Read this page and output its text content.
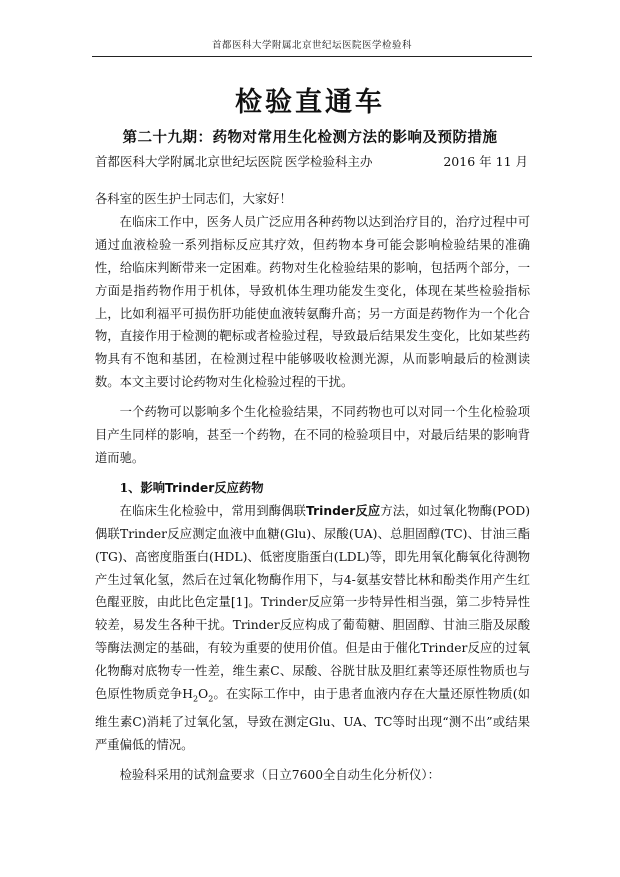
首都医科大学附属北京世纪坛医院医学检验科
检验直通车
第二十九期：药物对常用生化检测方法的影响及预防措施
首都医科大学附属北京世纪坛医院 医学检验科主办	2016 年 11 月

各科室的医生护士同志们，大家好！

在临床工作中，医务人员广泛应用各种药物以达到治疗目的，治疗过程中可通过血液检验一系列指标反应其疗效，但药物本身可能会影响检验结果的准确性，给临床判断带来一定困难。药物对生化检验结果的影响，包括两个部分，一方面是指药物作用于机体，导致机体生理功能发生变化，体现在某些检验指标上，比如利福平可损伤肝功能使血液转氨酶升高；另一方面是药物作为一个化合物，直接作用于检测的靶标或者检验过程，导致最后结果发生变化，比如某些药物具有不饱和基团，在检测过程中能够吸收检测光源，从而影响最后的检测读数。本文主要讨论药物对生化检验过程的干扰。

一个药物可以影响多个生化检验结果，不同药物也可以对同一个生化检验项目产生同样的影响，甚至一个药物，在不同的检验项目中，对最后结果的影响背道而驰。

1、影响Trinder反应药物

在临床生化检验中，常用到酶偶联Trinder反应方法，如过氧化物酶(POD)偶联Trinder反应测定血液中血糖(Glu)、尿酸(UA)、总胆固醇(TC)、甘油三酯(TG)、高密度脂蛋白(HDL)、低密度脂蛋白(LDL)等，即先用氧化酶氧化待测物产生过氧化氢，然后在过氧化物酶作用下，与4-氨基安替比林和酚类作用产生红色醌亚胺，由此比色定量[1]。Trinder反应第一步特异性相当强，第二步特异性较差，易发生各种干扰。Trinder反应构成了葡萄糖、胆固醇、甘油三脂及尿酸等酶法测定的基础，有较为重要的使用价值。但是由于催化Trinder反应的过氧化物酶对底物专一性差，维生素C、尿酸、谷胱甘肽及胆红素等还原性物质也与色原性物质竞争$H_2O_2$。在实际工作中，由于患者血液内存在大量还原性物质(如维生素C)消耗了过氧化氢，导致在测定Glu、UA、TC等时出现“测不出”或结果严重偏低的情况。

检验科采用的试剂盒要求（日立7600全自动生化分析仪）：
